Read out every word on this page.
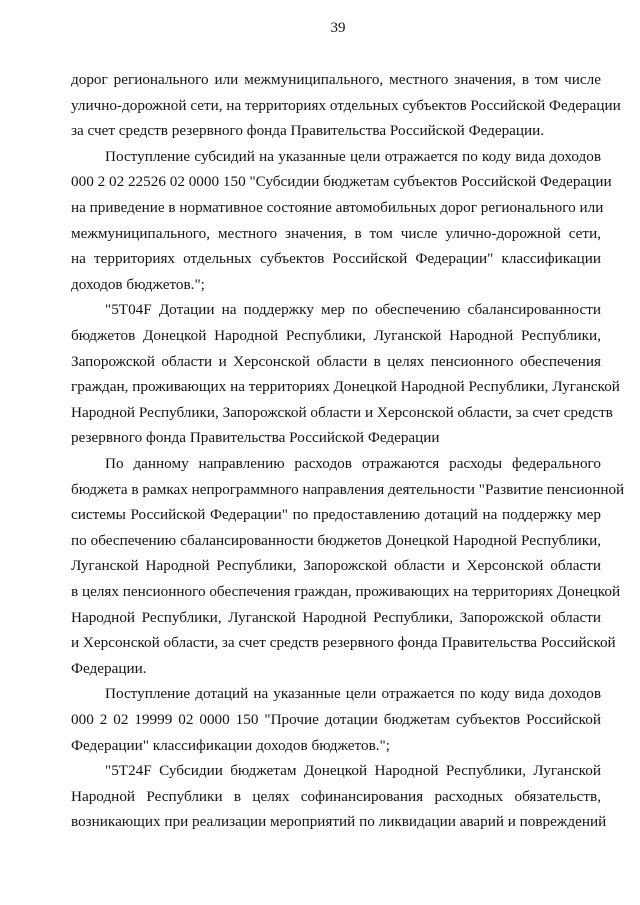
39
дорог регионального или межмуниципального, местного значения, в том числе
улично-дорожной сети, на территориях отдельных субъектов Российской Федерации
за счет средств резервного фонда Правительства Российской Федерации.
Поступление субсидий на указанные цели отражается по коду вида доходов
000 2 02 22526 02 0000 150 "Субсидии бюджетам субъектов Российской Федерации
на приведение в нормативное состояние автомобильных дорог регионального или
межмуниципального, местного значения, в том числе улично-дорожной сети,
на территориях отдельных субъектов Российской Федерации" классификации
доходов бюджетов.";
"5Т04F Дотации на поддержку мер по обеспечению сбалансированности
бюджетов Донецкой Народной Республики, Луганской Народной Республики,
Запорожской области и Херсонской области в целях пенсионного обеспечения
граждан, проживающих на территориях Донецкой Народной Республики, Луганской
Народной Республики, Запорожской области и Херсонской области, за счет средств
резервного фонда Правительства Российской Федерации
По данному направлению расходов отражаются расходы федерального
бюджета в рамках непрограммного направления деятельности "Развитие пенсионной
системы Российской Федерации" по предоставлению дотаций на поддержку мер
по обеспечению сбалансированности бюджетов Донецкой Народной Республики,
Луганской Народной Республики, Запорожской области и Херсонской области
в целях пенсионного обеспечения граждан, проживающих на территориях Донецкой
Народной Республики, Луганской Народной Республики, Запорожской области
и Херсонской области, за счет средств резервного фонда Правительства Российской
Федерации.
Поступление дотаций на указанные цели отражается по коду вида доходов
000 2 02 19999 02 0000 150 "Прочие дотации бюджетам субъектов Российской
Федерации" классификации доходов бюджетов.";
"5Т24F Субсидии бюджетам Донецкой Народной Республики, Луганской
Народной Республики в целях софинансирования расходных обязательств,
возникающих при реализации мероприятий по ликвидации аварий и повреждений
